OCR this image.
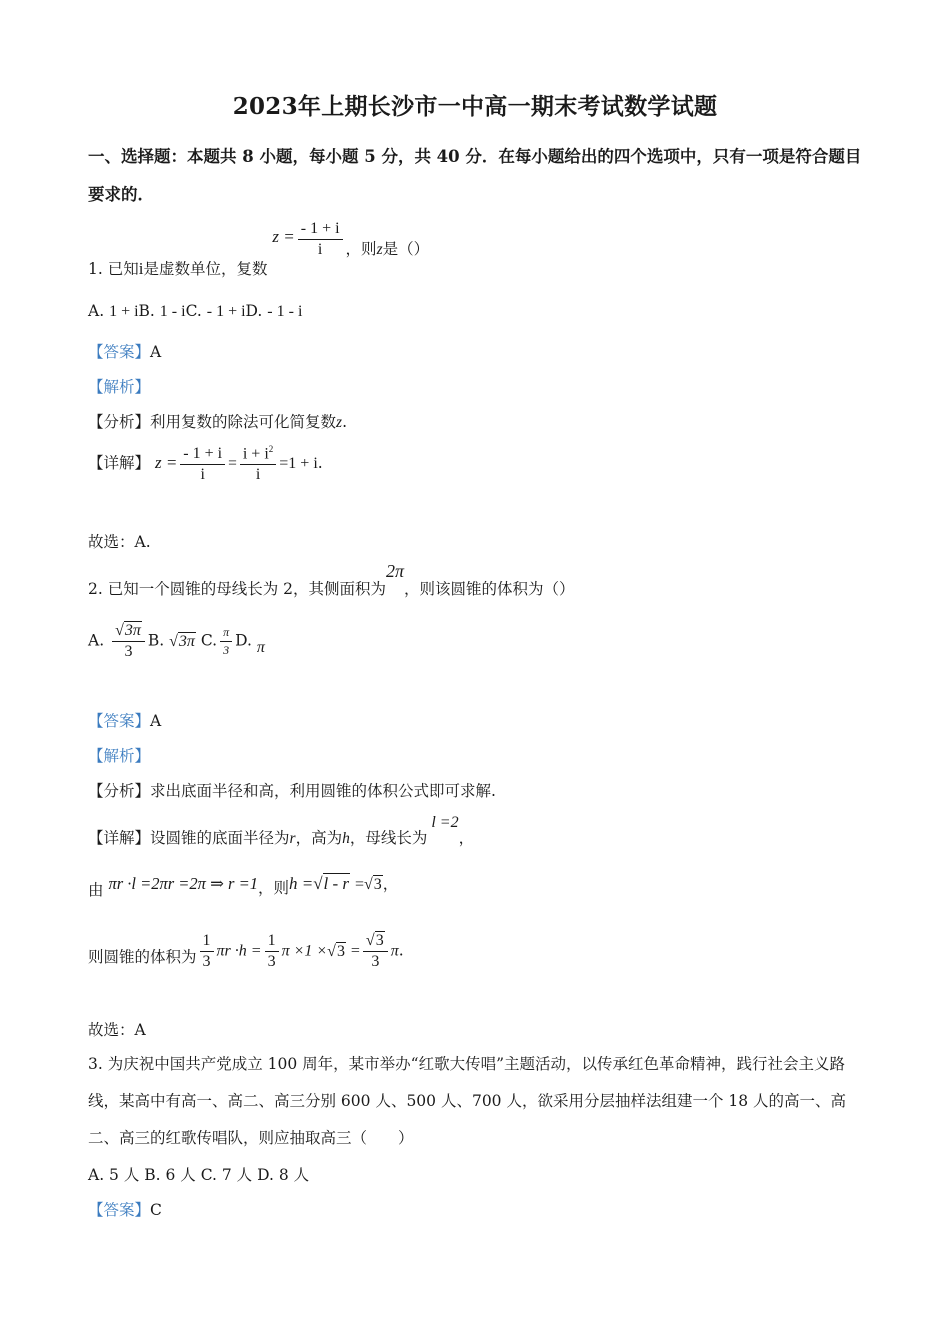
2023年上期长沙市一中高一期末考试数学试题
一、选择题：本题共 8 小题，每小题 5 分，共 40 分．在每小题给出的四个选项中，只有一项是符合题目要求的．
1. 已知i是虚数单位，复数 $z = \frac{- 1 + i}{i}$ ，则z是（）
A. 1 + iB. 1 - iC. - 1 + iD. - 1 - i
【答案】A
【解析】
【分析】利用复数的除法可化简复数z.
【详解】 $z = \frac{- 1 + i}{i} = \frac{i + i^2}{i} =1 + i$.
故选：A.
2. 已知一个圆锥的母线长为 2，其侧面积为2π，则该圆锥的体积为（）
A. $\frac{√3\pi}{3} B$. √3π C. $\frac{\pi}{3} D$. π
【答案】A
【解析】
【分析】求出底面半径和高，利用圆锥的体积公式即可求解.
【详解】设圆锥的底面半径为r，高为h，母线长为l =2，
由 πr ·l =2πr =2π ⇒ r =1，则h =√l - r =√3，
则圆锥的体积为 $\frac{1}{3}$ $\pi r \cdot h = \frac{1}{3}$ $\pi \times 1 \times√3 = \frac{√3}{3} \pi$.
故选：A
3. 为庆祝中国共产党成立 100 周年，某市举办“红歌大传唱”主题活动，以传承红色革命精神，践行社会主义路线，某高中有高一、高二、高三分别 600 人、500 人、700 人，欲采用分层抽样法组建一个 18 人的高一、高二、高三的红歌传唱队，则应抽取高三（　　）
A. 5 人 B. 6 人 C. 7 人 D. 8 人
【答案】C
